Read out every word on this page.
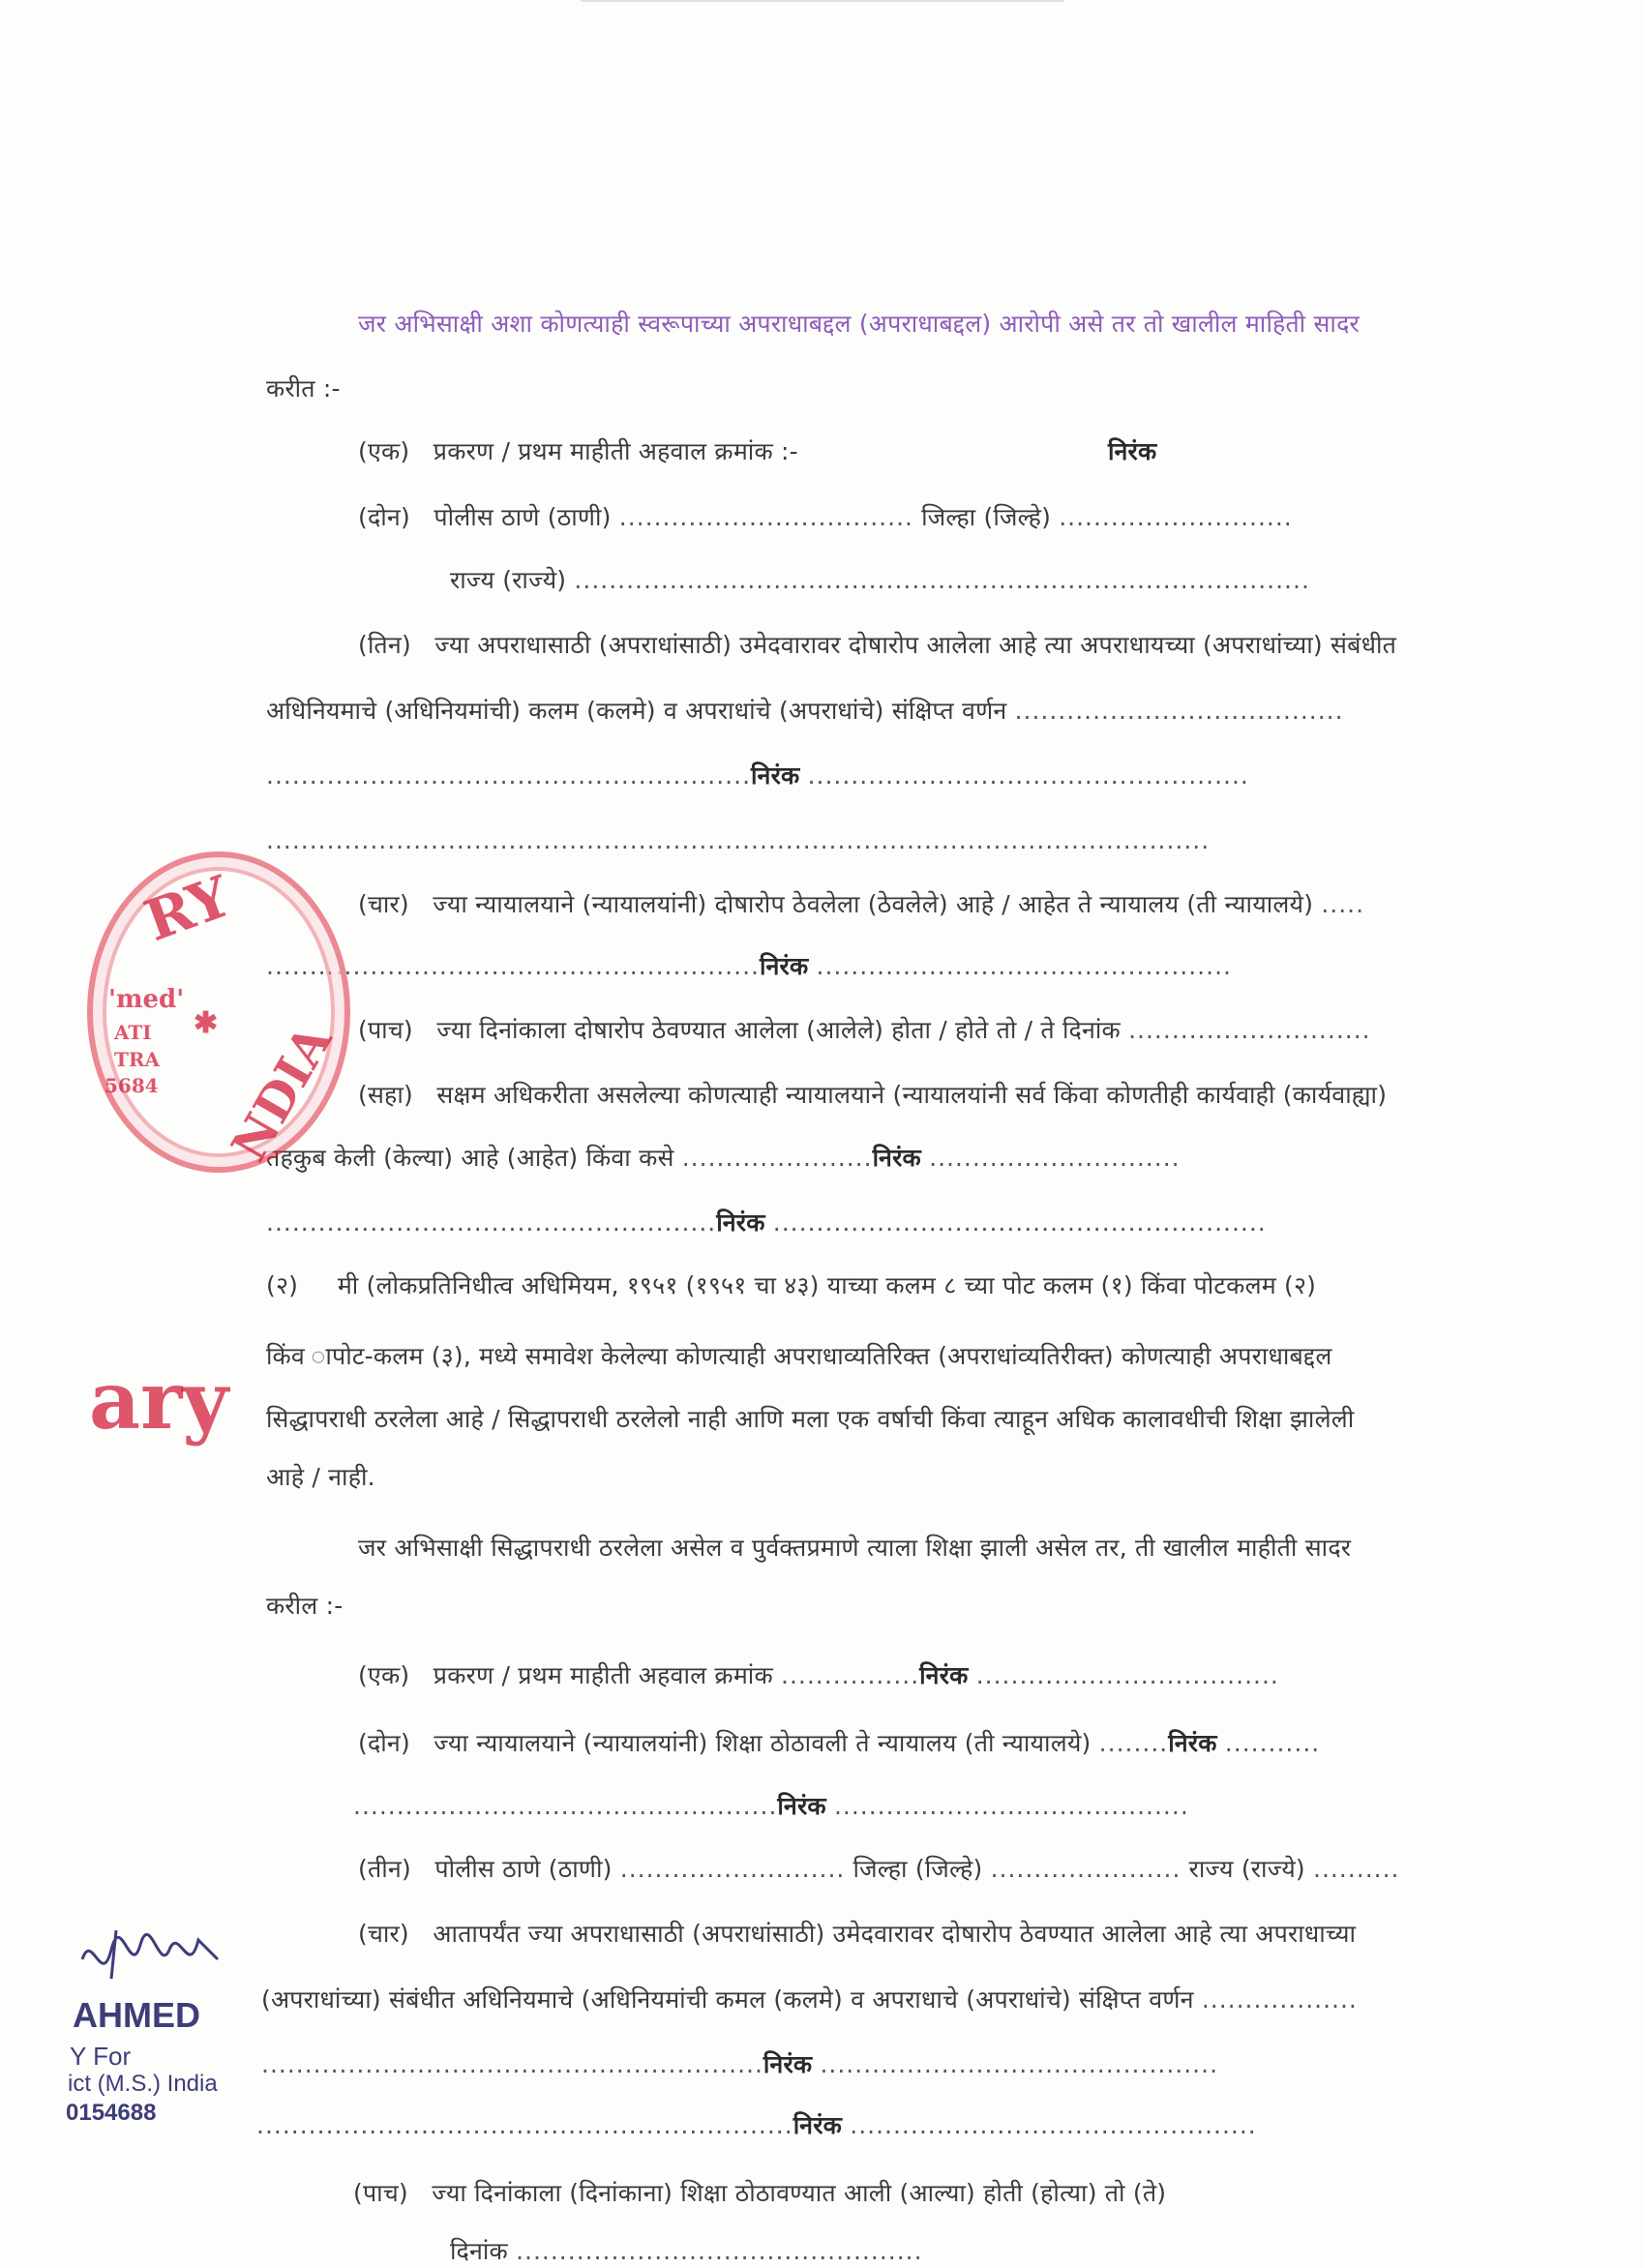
जर अभिसाक्षी अशा कोणत्याही स्वरूपाच्या अपराधाबद्दल (अपराधाबद्दल) आरोपी असे तर तो खालील माहिती सादर
करीत :-
(एक) प्रकरण / प्रथम माहीती अहवाल क्रमांक :-	निरंक
(दोन) पोलीस ठाणे (ठाणी) .................................. जिल्हा (जिल्हे) ...........................
राज्य (राज्ये) .....................................................................................
(तिन) ज्या अपराधासाठी (अपराधांसाठी) उमेदवारावर दोषारोप आलेला आहे त्या अपराधायच्या (अपराधांच्या) संबंधीत
अधिनियमाचे (अधिनियमांची) कलम (कलमे) व अपराधांचे (अपराधांचे) संक्षिप्त वर्णन ......................................
........................................................निरंक ...................................................
.............................................................................................................
(चार) ज्या न्यायालयाने (न्यायालयांनी) दोषारोप ठेवलेला (ठेवलेले) आहे / आहेत ते न्यायालय (ती न्यायालये) .....
.........................................................निरंक ................................................
(पाच) ज्या दिनांकाला दोषारोप ठेवण्यात आलेला (आलेले) होता / होते तो / ते दिनांक ............................
(सहा) सक्षम अधिकरीता असलेल्या कोणत्याही न्यायालयाने (न्यायालयांनी सर्व किंवा कोणतीही कार्यवाही (कार्यवाह्या)
तहकुब केली (केल्या) आहे (आहेत) किंवा कसे ......................निरंक .............................
....................................................निरंक .........................................................
(२) मी (लोकप्रतिनिधीत्व अधिमियम, १९५१ (१९५१ चा ४३) याच्या कलम ८ च्या पोट कलम (१) किंवा पोटकलम (२)
किंव ापोट-कलम (३), मध्ये समावेश केलेल्या कोणत्याही अपराधाव्यतिरिक्त (अपराधांव्यतिरीक्त) कोणत्याही अपराधाबद्दल
सिद्धापराधी ठरलेला आहे / सिद्धापराधी ठरलेलो नाही आणि मला एक वर्षाची किंवा त्याहून अधिक कालावधीची शिक्षा झालेली
आहे / नाही.
जर अभिसाक्षी सिद्धापराधी ठरलेला असेल व पुर्वक्तप्रमाणे त्याला शिक्षा झाली असेल तर, ती खालील माहीती सादर
करील :-
(एक) प्रकरण / प्रथम माहीती अहवाल क्रमांक ................निरंक ...................................
(दोन) ज्या न्यायालयाने (न्यायालयांनी) शिक्षा ठोठावली ते न्यायालय (ती न्यायालये) ........निरंक ...........
.................................................निरंक .........................................
(तीन) पोलीस ठाणे (ठाणी) .......................... जिल्हा (जिल्हे) ...................... राज्य (राज्ये) ..........
(चार) आतापर्यंत ज्या अपराधासाठी (अपराधांसाठी) उमेदवारावर दोषारोप ठेवण्यात आलेला आहे त्या अपराधाच्या
(अपराधांच्या) संबंधीत अधिनियमाचे (अधिनियमांची कमल (कलमे) व अपराधाचे (अपराधांचे) संक्षिप्त वर्णन ..................
..........................................................निरंक ..............................................
..............................................................निरंक ...............................................
(पाच) ज्या दिनांकाला (दिनांकाना) शिक्षा ठोठावण्यात आली (आल्या) होती (होत्या) तो (ते)
दिनांक ...............................................
RY
NDIA
'med'
ATI
TRA
5684
✱
ary
AHMED
Y For
ict (M.S.) India
0154688
